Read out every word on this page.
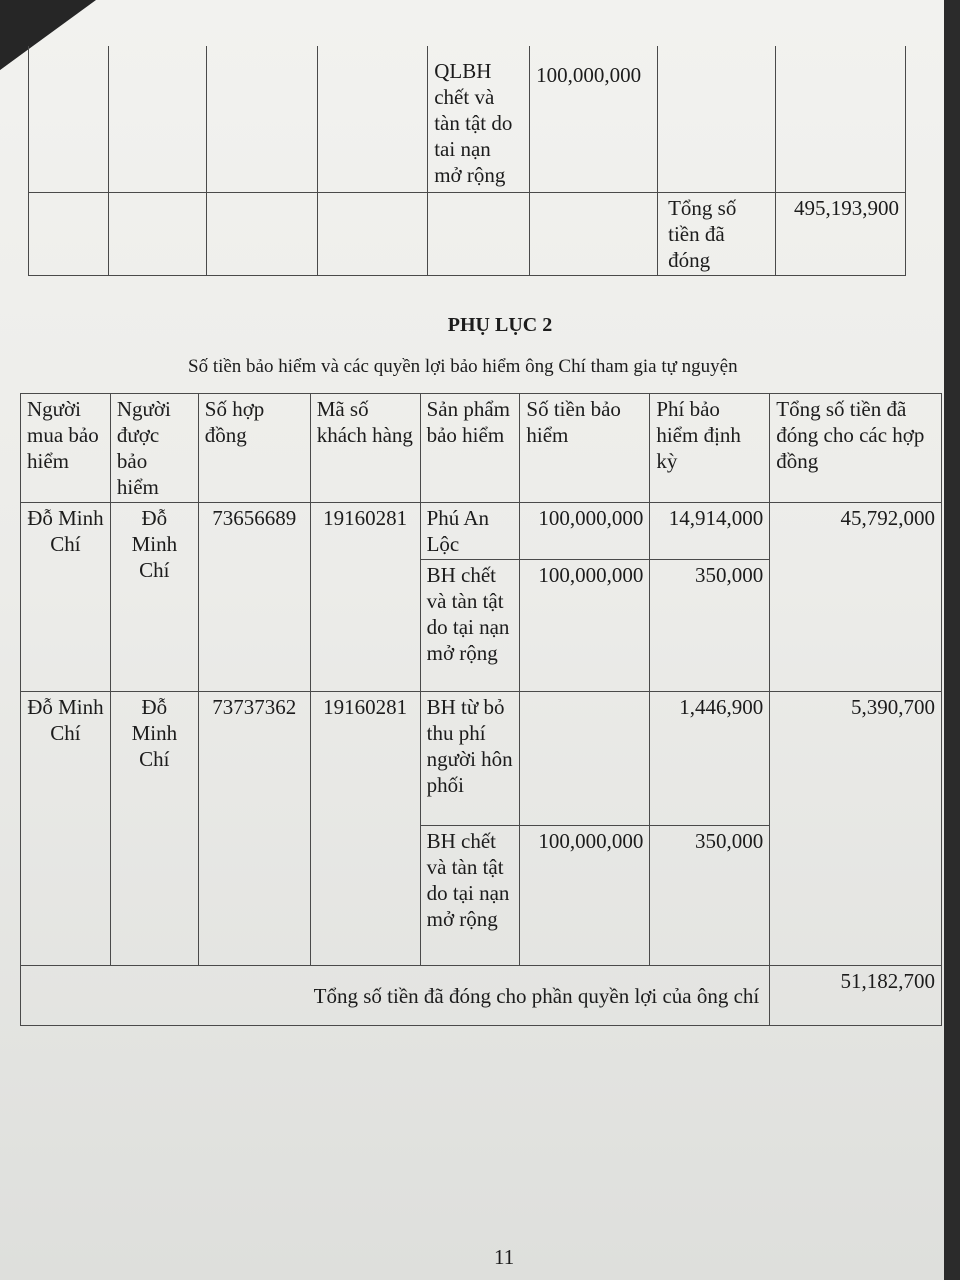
				QLBH chết và tàn tật do tai nạn mở rộng	100,000,000		
						Tổng số tiền đã đóng	495,193,900
PHỤ LỤC 2
Số tiền bảo hiểm và các quyền lợi bảo hiểm ông Chí tham gia tự nguyện
Người mua bảo hiểm	Người được bảo hiểm	Số hợp đồng	Mã số khách hàng	Sản phẩm bảo hiểm	Số tiền bảo hiểm	Phí bảo hiểm định kỳ	Tổng số tiền đã đóng cho các hợp đồng
Đỗ Minh Chí	Đỗ Minh Chí	73656689	19160281	Phú An Lộc	100,000,000	14,914,000	45,792,000
				BH chết và tàn tật do tại nạn mở rộng	100,000,000	350,000	
Đỗ Minh Chí	Đỗ Minh Chí	73737362	19160281	BH từ bỏ thu phí người hôn phối		1,446,900	5,390,700
				BH chết và tàn tật do tại nạn mở rộng	100,000,000	350,000	
Tổng số tiền đã đóng cho phần quyền lợi của ông chí							51,182,700
11
